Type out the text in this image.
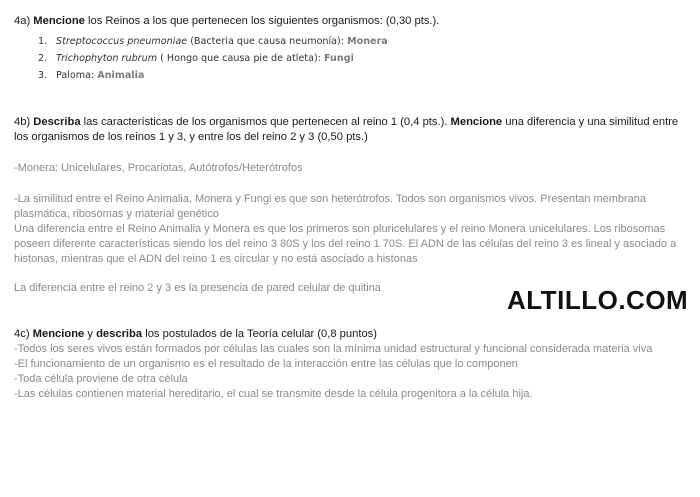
4a) Mencione los Reinos a los que pertenecen los siguientes organismos: (0,30 pts.).
1. Streptococcus pneumoniae (Bacteria que causa neumonía): Monera
2. Trichophyton rubrum ( Hongo que causa pie de atleta): Fungi
3. Paloma: Animalia
4b) Describa las características de los organismos que pertenecen al reino 1 (0,4 pts.). Mencione una diferencia y una similitud entre los organismos de los reinos 1 y 3, y entre los del reino 2 y 3 (0,50 pts.)
-Monera: Unicelulares, Procariotas, Autótrofos/Heterótrofos
-La similitud entre el Reino Animalia, Monera y Fungi es que son heterótrofos. Todos son organismos vivos. Presentan membrana plasmática, ribosomas y material genético
Una diferencia entre el Reino Animalia y Monera es que los primeros son pluricelulares y el reino Monera unicelulares. Los ribosomas poseen diferente características siendo los del reino 3 80S y los del reino 1 70S. El ADN de las células del reino 3 es lineal y asociado a histonas, mientras que el ADN del reino 1 es circular y no está asociado a histonas
La diferencia entre el reino 2 y 3 es la presencia de pared celular de quitina
4c) Mencione y describa los postulados de la Teoría celular (0,8 puntos)
-Todos los seres vivos están formados por células las cuales son la mínima unidad estructural y funcional considerada materia viva
-El funcionamiento de un organismo es el resultado de la interacción entre las células que lo componen
-Toda célula proviene de otra célula
-Las células contienen material hereditario, el cual se transmite desde la célula progenitora a la célula hija.
ALTILLO.COM
